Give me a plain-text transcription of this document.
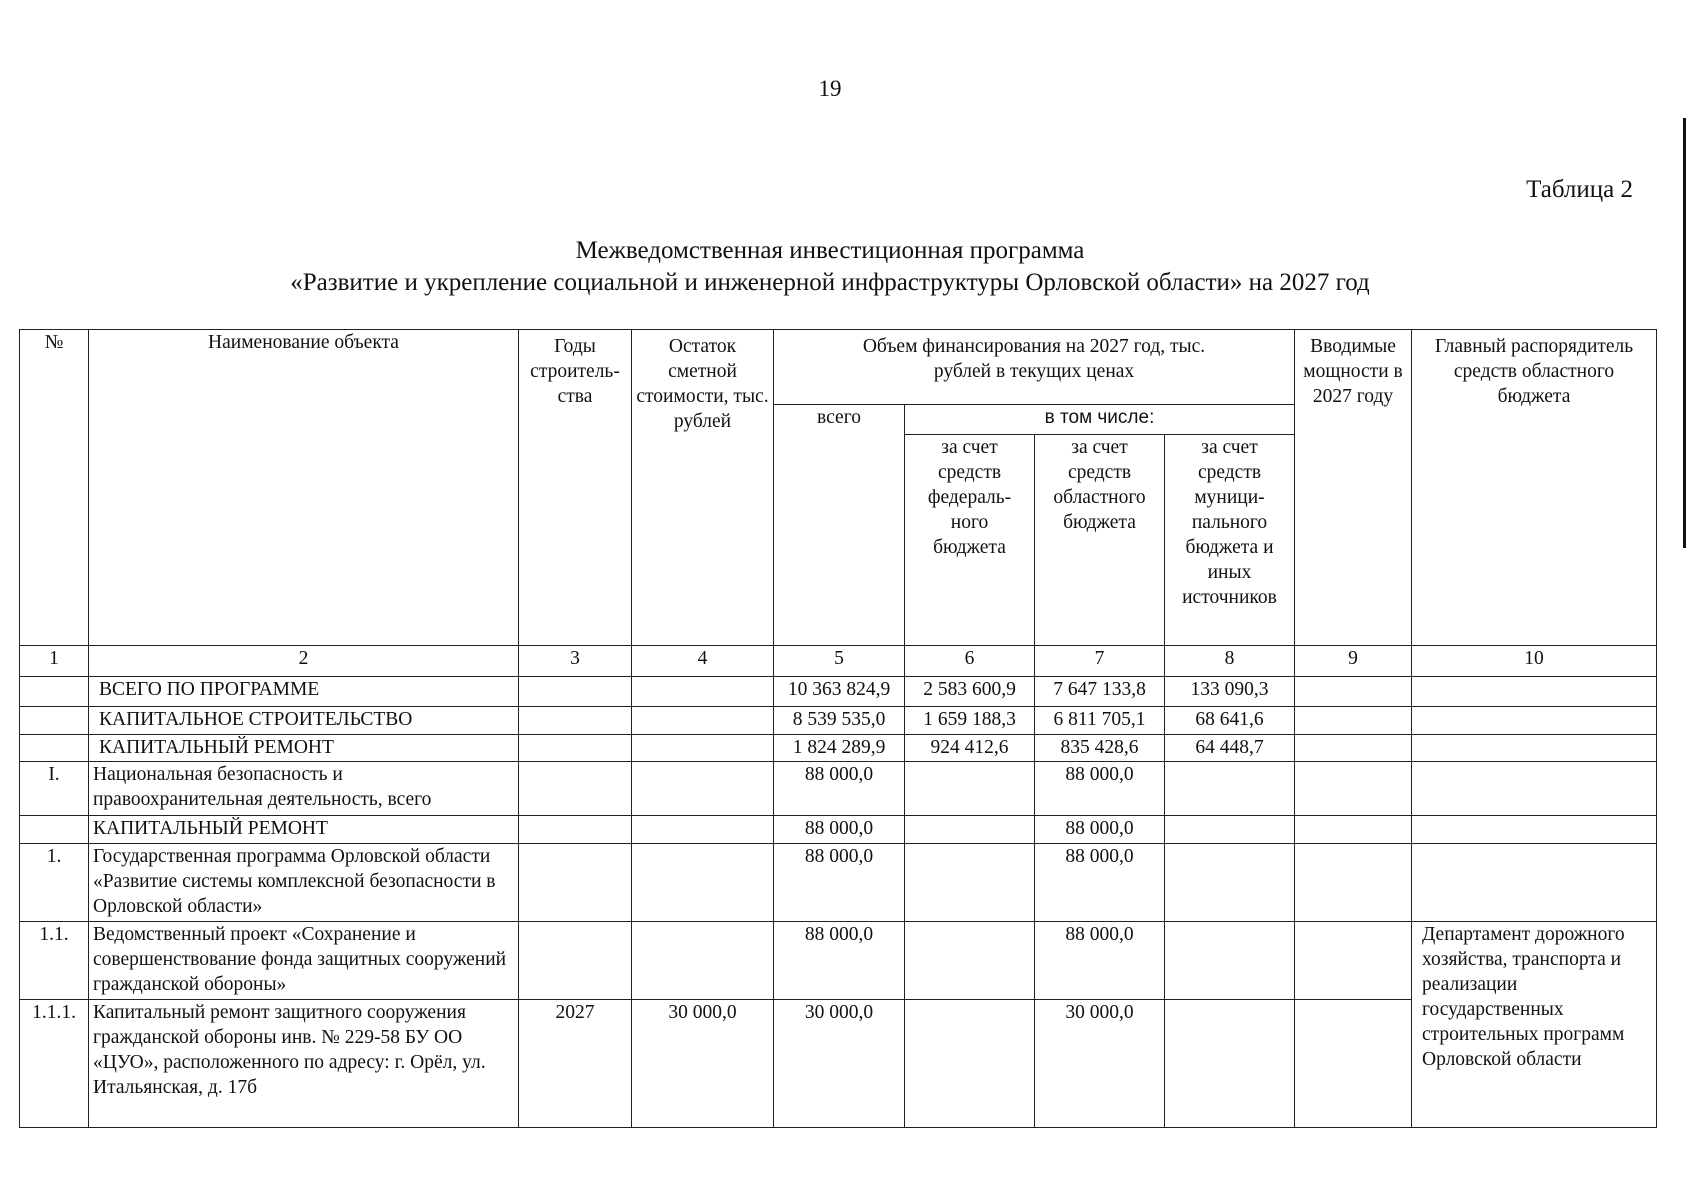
19
Таблица 2
Межведомственная инвестиционная программа
«Развитие и укрепление социальной и инженерной инфраструктуры Орловской области» на 2027 год
№	Наименование объекта	Годы строитель-ства	Остаток сметной стоимости, тыс. рублей	Объем финансирования на 2027 год, тыс. рублей в текущих ценах				Вводимые мощности в 2027 году	Главный распорядитель средств областного бюджета
				всего	в том числе:				
					за счет средств федераль-ного бюджета	за счет средств областного бюджета	за счет средств муници-пального бюджета и иных источников		
1	2	3	4	5	6	7	8	9	10
	ВСЕГО ПО ПРОГРАММЕ			10 363 824,9	2 583 600,9	7 647 133,8	133 090,3		
	КАПИТАЛЬНОЕ СТРОИТЕЛЬСТВО			8 539 535,0	1 659 188,3	6 811 705,1	68 641,6		
	КАПИТАЛЬНЫЙ РЕМОНТ			1 824 289,9	924 412,6	835 428,6	64 448,7		
I.	Национальная безопасность и правоохранительная деятельность, всего			88 000,0		88 000,0			
	КАПИТАЛЬНЫЙ РЕМОНТ			88 000,0		88 000,0			
1.	Государственная программа Орловской области «Развитие системы комплексной безопасности в Орловской области»			88 000,0		88 000,0			
1.1.	Ведомственный проект «Сохранение и совершенствование фонда защитных сооружений гражданской обороны»			88 000,0		88 000,0			Департамент дорожного хозяйства, транспорта и реализации государственных строительных программ Орловской области
1.1.1.	Капитальный ремонт защитного сооружения гражданской обороны инв. № 229-58 БУ ОО «ЦУО», расположенного по адресу: г. Орёл, ул. Итальянская, д. 17б	2027	30 000,0	30 000,0		30 000,0			
